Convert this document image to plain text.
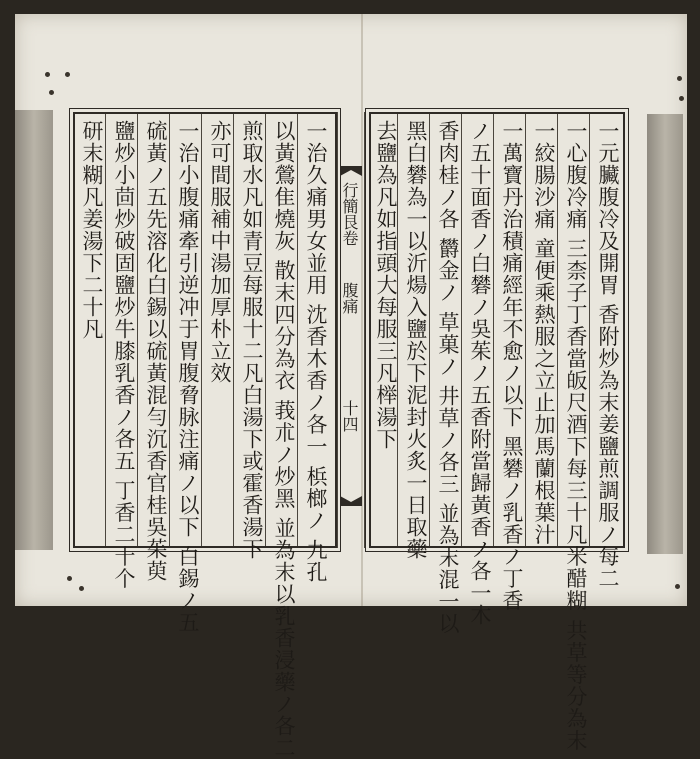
一治久痛男女並用 沈香木香ノ各一 梹榔ノ 九孔
以黃鶯隹燒灰 散末四分為衣 莪朮ノ炒黑 並為末以乳香浸藥ノ各二
煎取水凡如青豆每服十二凡白湯下或霍香湯下
亦可間服補中湯加厚朴立效
一治小腹痛牽引逆冲于胃腹脅脉注痛ノ以下 白錫ノ五
硫黃ノ五先溶化白錫以硫黃混勻沉香官桂吳茱萸
鹽炒小茴炒破固鹽炒牛膝乳香ノ各五 丁香二十个
研末糊凡姜湯下二十凡	行簡艮卷
腹痛
十四	一元臟腹冷及開胃 香附炒為末姜鹽煎調服ノ每二
一心腹冷痛 三柰子丁香當皈尺酒下每三十凡米醋糊 共草等分為末
一絞腸沙痛 童便乘熱服之立止加馬蘭根葉汁
一萬寶丹治積痛經年不愈ノ以下 黑礬ノ乳香ノ丁香
ノ五十面香ノ白礬ノ吳茱ノ五香附當歸黃香ノ各一木
香肉桂ノ各 欝金ノ 草菓ノ 井草ノ各三 並為末混一以
黑白礬為一以沂煬入鹽於下泥封火炙一日取藥
去鹽為凡如指頭大每服三凡榉湯下
